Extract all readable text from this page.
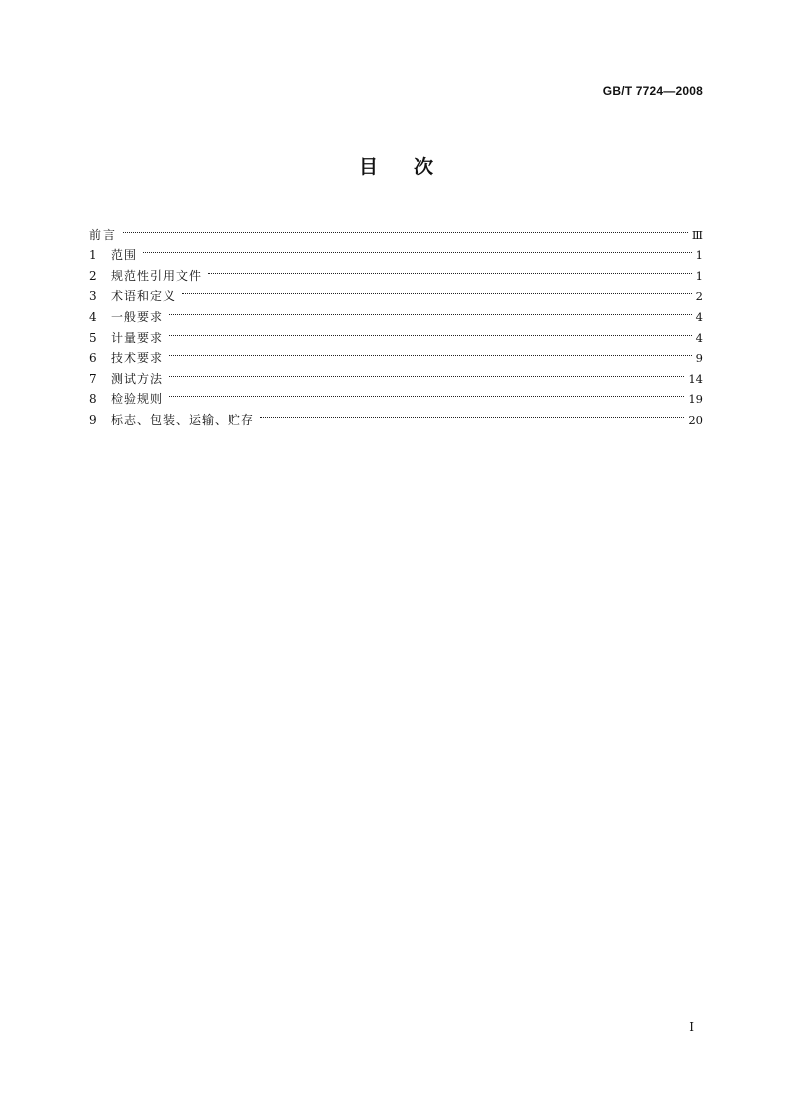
GB/T 7724—2008
目 次
前言	Ⅲ
1	范围	1
2	规范性引用文件	1
3	术语和定义	2
4	一般要求	4
5	计量要求	4
6	技术要求	9
7	测试方法	14
8	检验规则	19
9	标志、包装、运输、贮存	20
I
